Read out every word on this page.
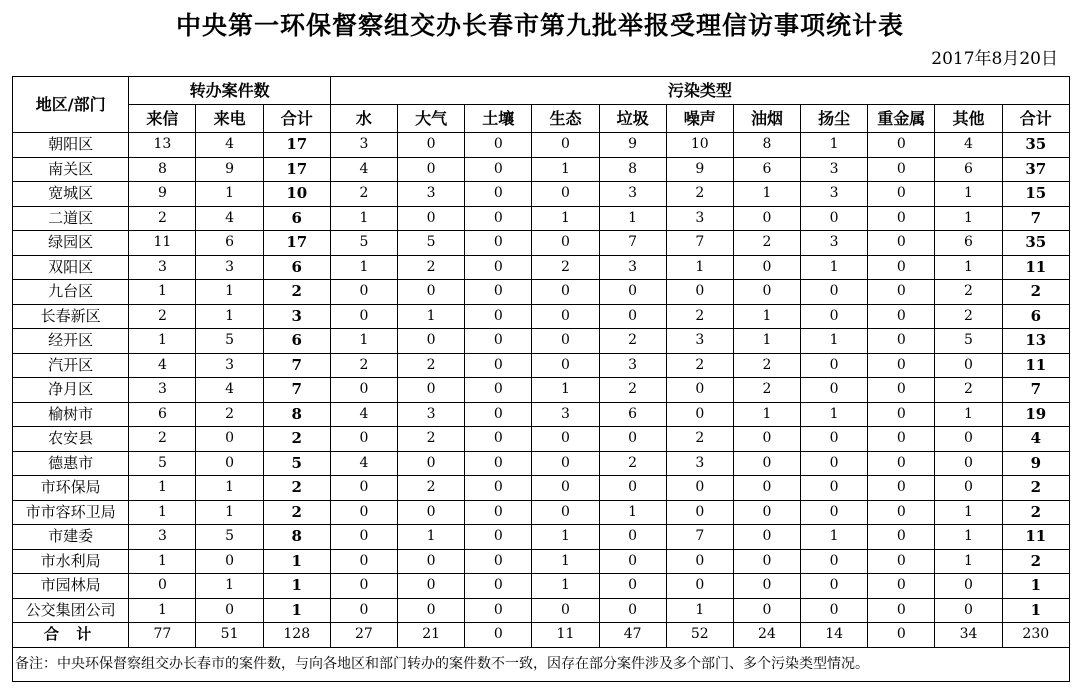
中央第一环保督察组交办长春市第九批举报受理信访事项统计表
2017年8月20日
地区/部门	转办案件数			污染类型										
	来信	来电	合计	水	大气	土壤	生态	垃圾	噪声	油烟	扬尘	重金属	其他	合计
朝阳区	13	4	17	3	0	0	0	9	10	8	1	0	4	35
南关区	8	9	17	4	0	0	1	8	9	6	3	0	6	37
宽城区	9	1	10	2	3	0	0	3	2	1	3	0	1	15
二道区	2	4	6	1	0	0	1	1	3	0	0	0	1	7
绿园区	11	6	17	5	5	0	0	7	7	2	3	0	6	35
双阳区	3	3	6	1	2	0	2	3	1	0	1	0	1	11
九台区	1	1	2	0	0	0	0	0	0	0	0	0	2	2
长春新区	2	1	3	0	1	0	0	0	2	1	0	0	2	6
经开区	1	5	6	1	0	0	0	2	3	1	1	0	5	13
汽开区	4	3	7	2	2	0	0	3	2	2	0	0	0	11
净月区	3	4	7	0	0	0	1	2	0	2	0	0	2	7
榆树市	6	2	8	4	3	0	3	6	0	1	1	0	1	19
农安县	2	0	2	0	2	0	0	0	2	0	0	0	0	4
德惠市	5	0	5	4	0	0	0	2	3	0	0	0	0	9
市环保局	1	1	2	0	2	0	0	0	0	0	0	0	0	2
市市容环卫局	1	1	2	0	0	0	0	1	0	0	0	0	1	2
市建委	3	5	8	0	1	0	1	0	7	0	1	0	1	11
市水利局	1	0	1	0	0	0	1	0	0	0	0	0	1	2
市园林局	0	1	1	0	0	0	1	0	0	0	0	0	0	1
公交集团公司	1	0	1	0	0	0	0	0	1	0	0	0	0	1
合 计	77	51	128	27	21	0	11	47	52	24	14	0	34	230
备注：中央环保督察组交办长春市的案件数，与向各地区和部门转办的案件数不一致，因存在部分案件涉及多个部门、多个污染类型情况。														
